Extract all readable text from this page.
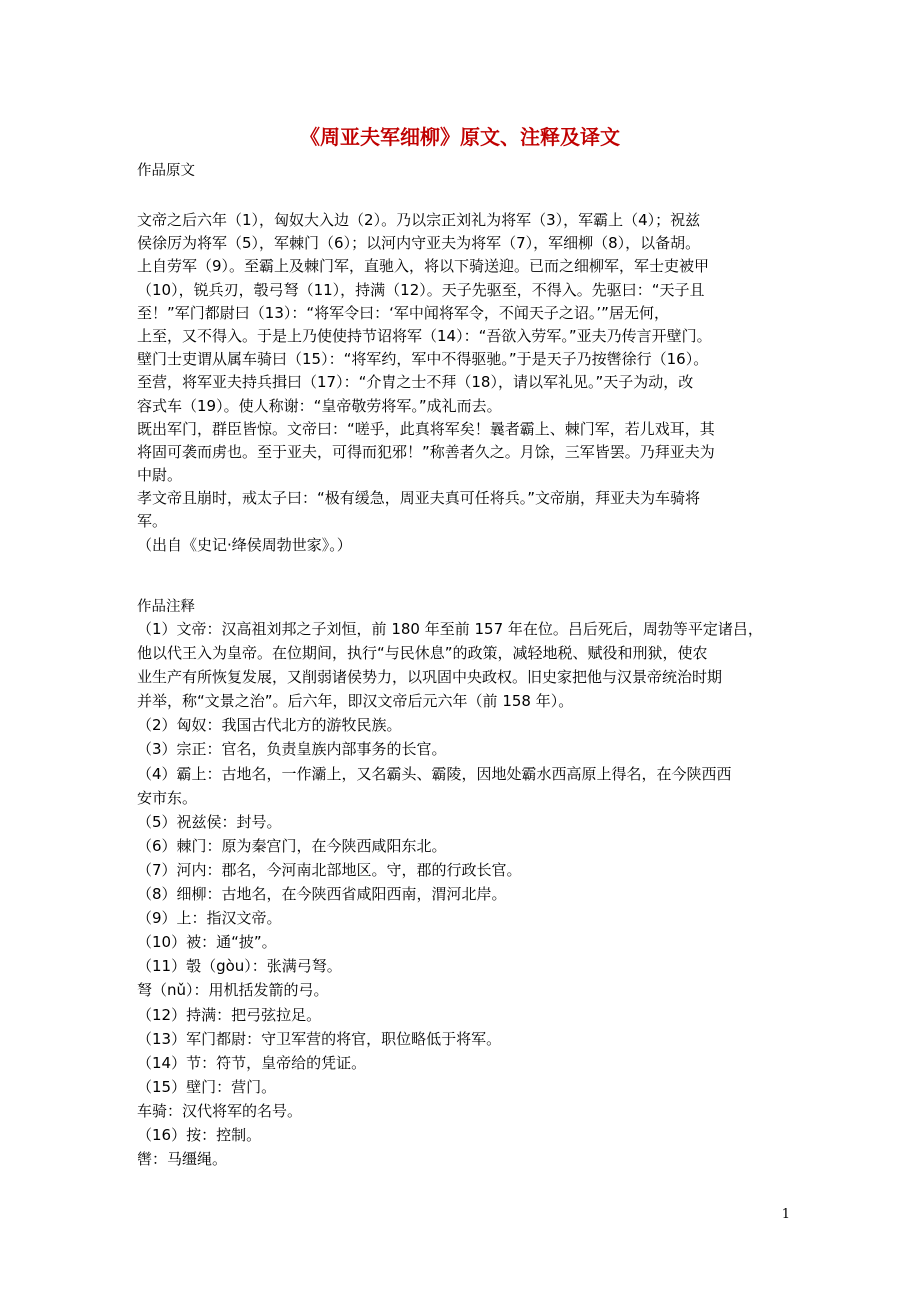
《周亚夫军细柳》原文、注释及译文
作品原文
文帝之后六年（1），匈奴大入边（2）。乃以宗正刘礼为将军（3），军霸上（4）；祝兹
侯徐厉为将军（5），军棘门（6）；以河内守亚夫为将军（7），军细柳（8），以备胡。
上自劳军（9）。至霸上及棘门军，直驰入，将以下骑送迎。已而之细柳军，军士吏被甲
（10），锐兵刃，彀弓弩（11），持满（12）。天子先驱至，不得入。先驱曰：“天子且
至！”军门都尉曰（13）：“将军令曰：‘军中闻将军令，不闻天子之诏。’”居无何，
上至，又不得入。于是上乃使使持节诏将军（14）：“吾欲入劳军。”亚夫乃传言开壁门。
壁门士吏谓从属车骑曰（15）：“将军约，军中不得驱驰。”于是天子乃按辔徐行（16）。
至营，将军亚夫持兵揖曰（17）：“介胄之士不拜（18），请以军礼见。”天子为动，改
容式车（19）。使人称谢：“皇帝敬劳将军。”成礼而去。
既出军门，群臣皆惊。文帝曰：“嗟乎，此真将军矣！曩者霸上、棘门军，若儿戏耳，其
将固可袭而虏也。至于亚夫，可得而犯邪！”称善者久之。月馀，三军皆罢。乃拜亚夫为
中尉。
孝文帝且崩时，戒太子曰：“极有缓急，周亚夫真可任将兵。”文帝崩，拜亚夫为车骑将
军。
（出自《史记·绛侯周勃世家》。）
作品注释
（1）文帝：汉高祖刘邦之子刘恒，前 180 年至前 157 年在位。吕后死后，周勃等平定诸吕，
他以代王入为皇帝。在位期间，执行“与民休息”的政策，减轻地税、赋役和刑狱，使农
业生产有所恢复发展，又削弱诸侯势力，以巩固中央政权。旧史家把他与汉景帝统治时期
并举，称“文景之治”。后六年，即汉文帝后元六年（前 158 年）。
（2）匈奴：我国古代北方的游牧民族。
（3）宗正：官名，负责皇族内部事务的长官。
（4）霸上：古地名，一作灞上，又名霸头、霸陵，因地处霸水西高原上得名，在今陕西西
安市东。
（5）祝兹侯：封号。
（6）棘门：原为秦宫门，在今陕西咸阳东北。
（7）河内：郡名，今河南北部地区。守，郡的行政长官。
（8）细柳：古地名，在今陕西省咸阳西南，渭河北岸。
（9）上：指汉文帝。
（10）被：通“披”。
（11）彀（gòu）：张满弓弩。
弩（nǔ）：用机括发箭的弓。
（12）持满：把弓弦拉足。
（13）军门都尉：守卫军营的将官，职位略低于将军。
（14）节：符节，皇帝给的凭证。
（15）壁门：营门。
车骑：汉代将军的名号。
（16）按：控制。
辔：马缰绳。
1
